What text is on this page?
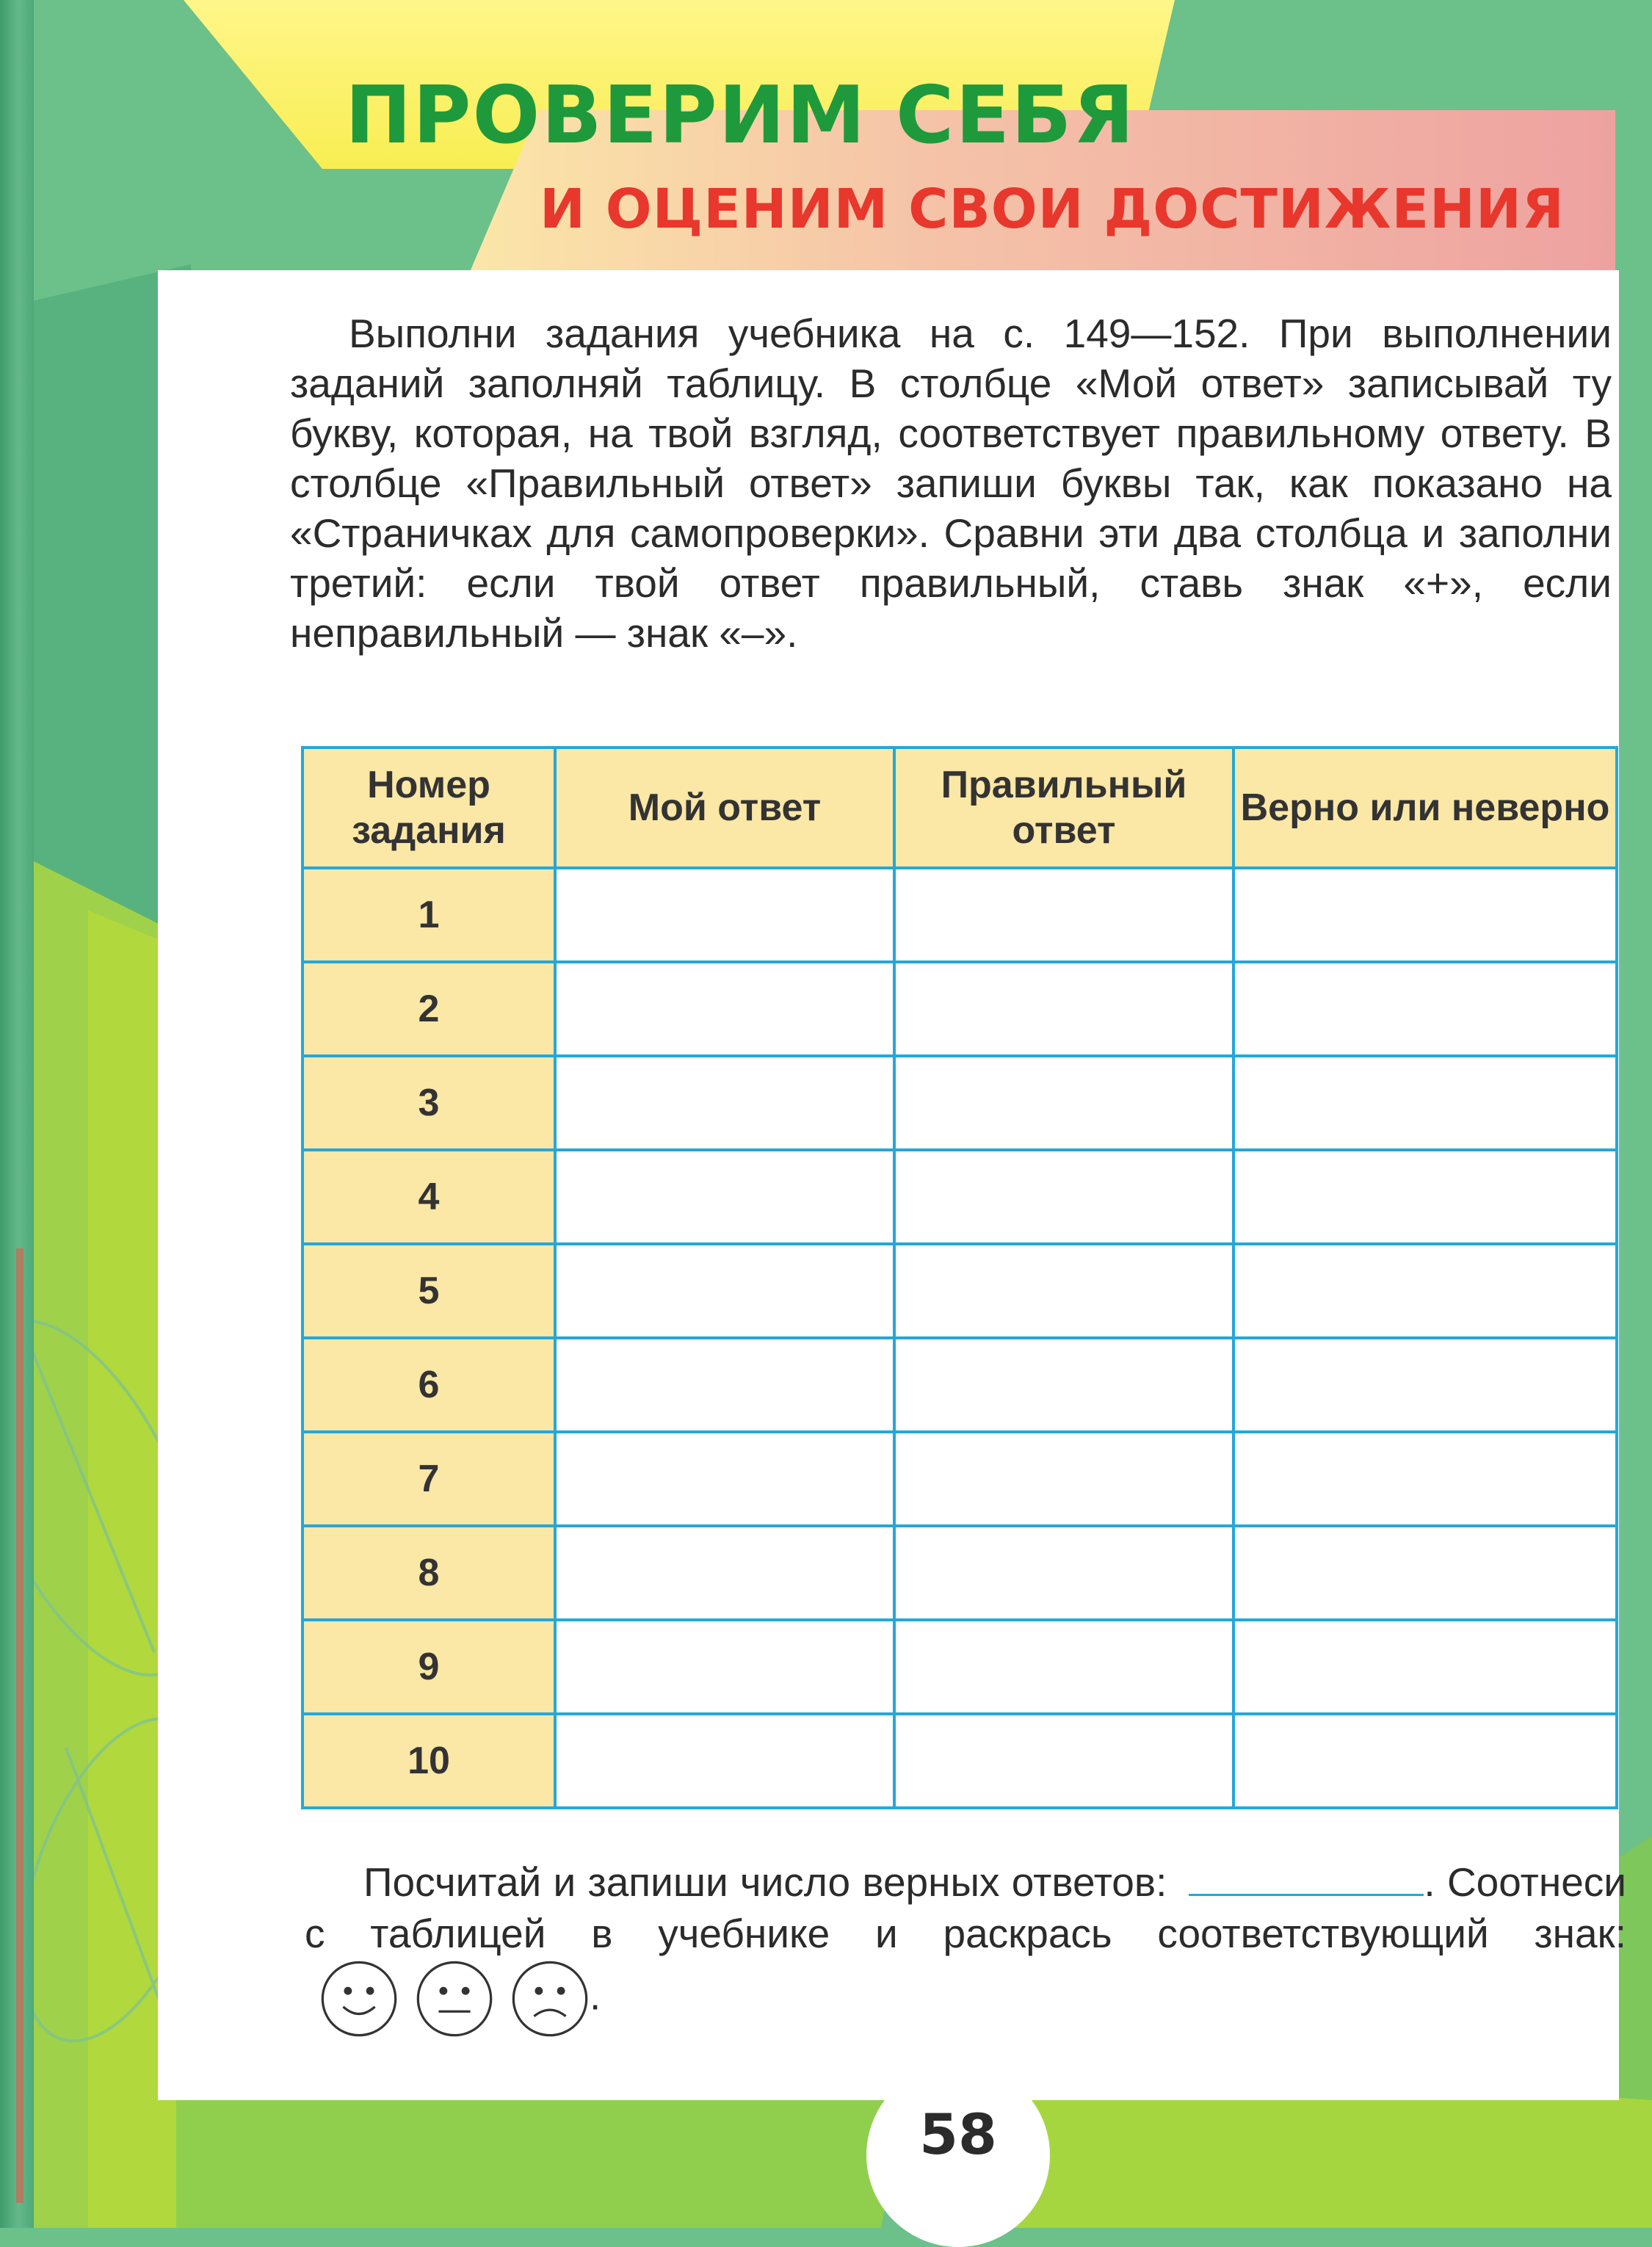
ПРОВЕРИМ СЕБЯ
И ОЦЕНИМ СВОИ ДОСТИЖЕНИЯ

Выполни задания учебника на с. 149—152. При выполнении заданий заполняй таблицу. В столбце «Мой ответ» записывай ту букву, которая, на твой взгляд, соответствует правильному ответу. В столбце «Правильный ответ» запиши буквы так, как показано на «Страничках для самопроверки». Сравни эти два столбца и заполни третий: если твой ответ правильный, ставь знак «+», если неправильный — знак «–».

Номер задания	Мой ответ	Правильный ответ	Верно или неверно
1			
2			
3			
4			
5			
6			
7			
8			
9			
10			
Посчитай и запиши число верных ответов:	. Соотнеси с таблицей в учебнике и раскрась соответствующий знак:
.
58
